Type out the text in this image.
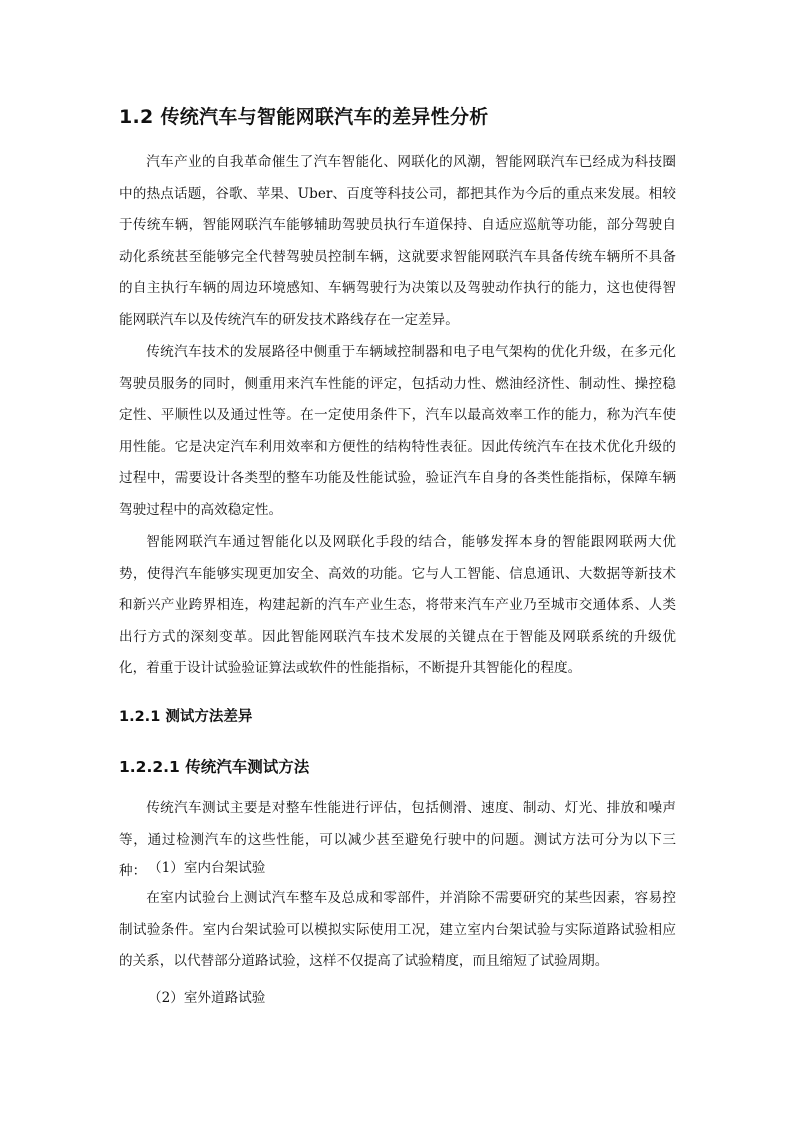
1.2 传统汽车与智能网联汽车的差异性分析

汽车产业的自我革命催生了汽车智能化、网联化的风潮，智能网联汽车已经成为科技圈中的热点话题，谷歌、苹果、Uber、百度等科技公司，都把其作为今后的重点来发展。相较于传统车辆，智能网联汽车能够辅助驾驶员执行车道保持、自适应巡航等功能，部分驾驶自动化系统甚至能够完全代替驾驶员控制车辆，这就要求智能网联汽车具备传统车辆所不具备的自主执行车辆的周边环境感知、车辆驾驶行为决策以及驾驶动作执行的能力，这也使得智能网联汽车以及传统汽车的研发技术路线存在一定差异。

传统汽车技术的发展路径中侧重于车辆域控制器和电子电气架构的优化升级，在多元化驾驶员服务的同时，侧重用来汽车性能的评定，包括动力性、燃油经济性、制动性、操控稳定性、平顺性以及通过性等。在一定使用条件下，汽车以最高效率工作的能力，称为汽车使用性能。它是决定汽车利用效率和方便性的结构特性表征。因此传统汽车在技术优化升级的过程中，需要设计各类型的整车功能及性能试验，验证汽车自身的各类性能指标，保障车辆驾驶过程中的高效稳定性。

智能网联汽车通过智能化以及网联化手段的结合，能够发挥本身的智能跟网联两大优势，使得汽车能够实现更加安全、高效的功能。它与人工智能、信息通讯、大数据等新技术和新兴产业跨界相连，构建起新的汽车产业生态，将带来汽车产业乃至城市交通体系、人类出行方式的深刻变革。因此智能网联汽车技术发展的关键点在于智能及网联系统的升级优化，着重于设计试验验证算法或软件的性能指标，不断提升其智能化的程度。

1.2.1 测试方法差异
1.2.2.1 传统汽车测试方法

传统汽车测试主要是对整车性能进行评估，包括侧滑、速度、制动、灯光、排放和噪声等，通过检测汽车的这些性能，可以减少甚至避免行驶中的问题。测试方法可分为以下三种： （1）室内台架试验

在室内试验台上测试汽车整车及总成和零部件，并消除不需要研究的某些因素，容易控制试验条件。室内台架试验可以模拟实际使用工况，建立室内台架试验与实际道路试验相应的关系，以代替部分道路试验，这样不仅提高了试验精度，而且缩短了试验周期。

（2）室外道路试验
